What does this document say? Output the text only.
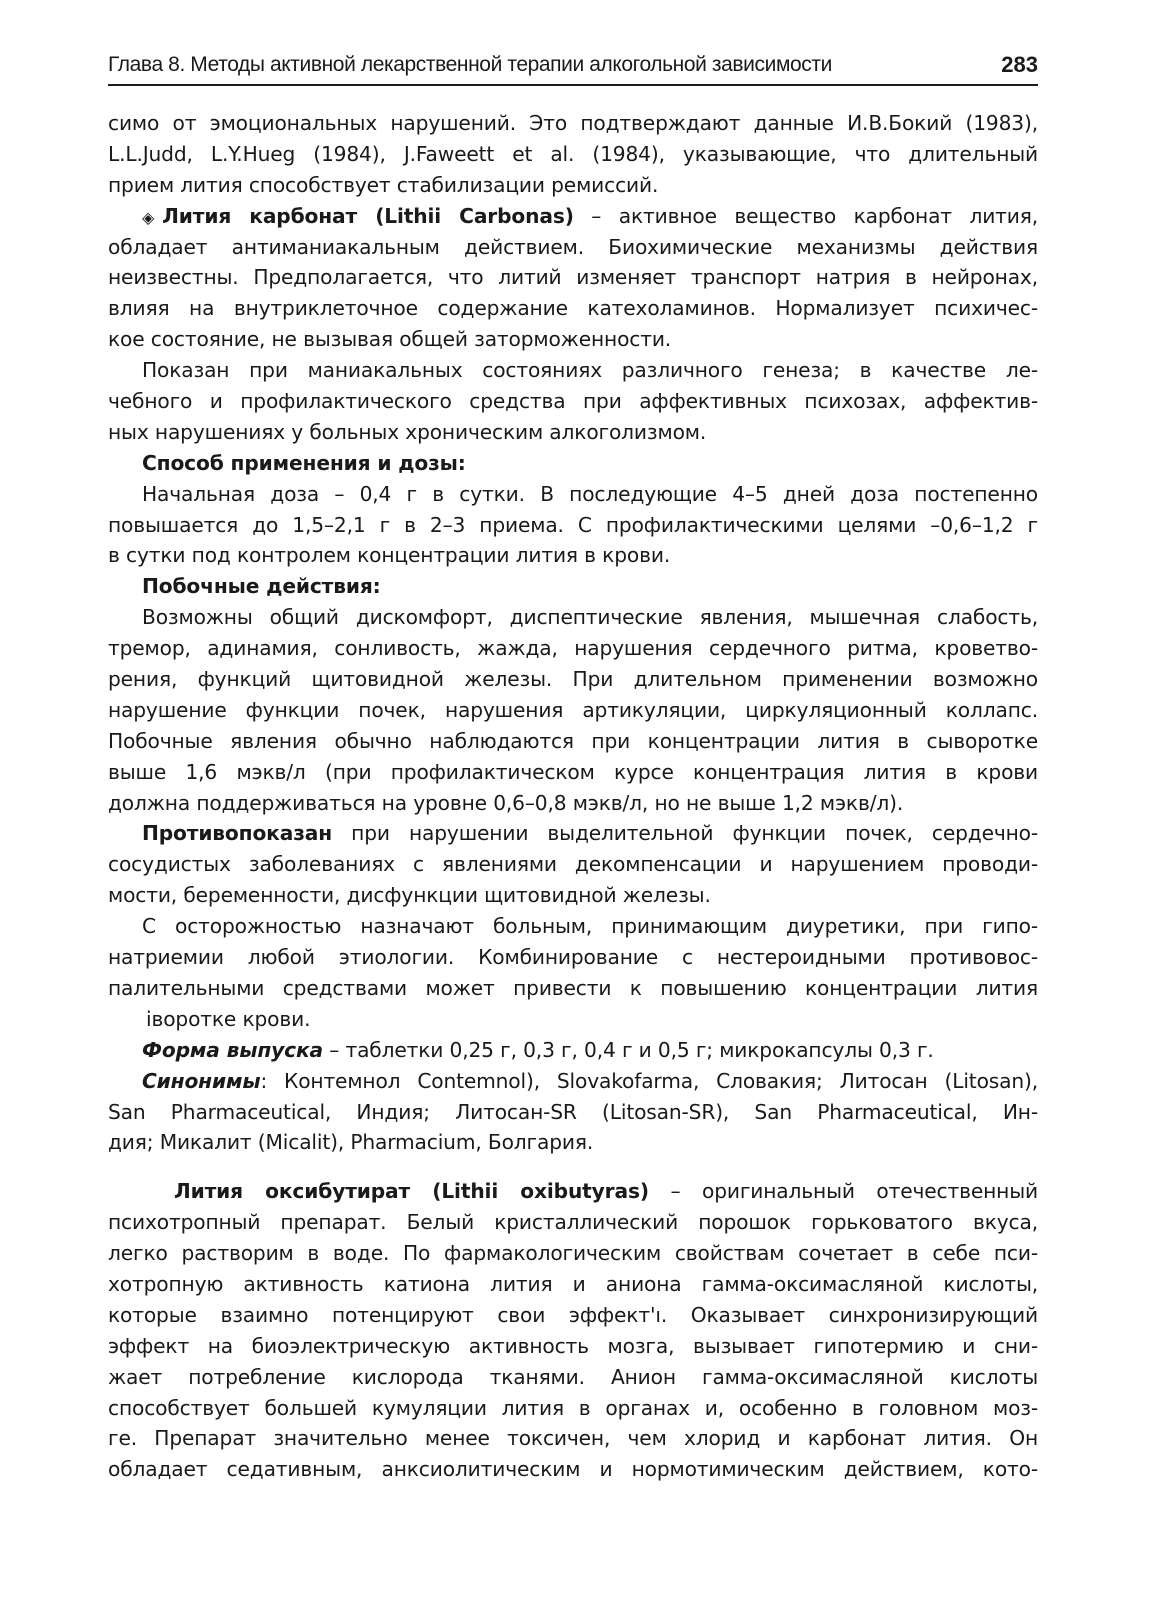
Глава 8. Методы активной лекарственной терапии алкогольной зависимости	283
симо от эмоциональных нарушений. Это подтверждают данные И.В.Бокий (1983),
L.L.Judd, L.Y.Hueg (1984), J.Faweett et al. (1984), указывающие, что длительный
прием лития способствует стабилизации ремиссий.
◈ Лития карбонат (Lithii Carbonas) – активное вещество карбонат лития,
обладает антиманиакальным действием. Биохимические механизмы действия
неизвестны. Предполагается, что литий изменяет транспорт натрия в нейронах,
влияя на внутриклеточное содержание катехоламинов. Нормализует психичес-
кое состояние, не вызывая общей заторможенности.
Показан при маниакальных состояниях различного генеза; в качестве ле-
чебного и профилактического средства при аффективных психозах, аффектив-
ных нарушениях у больных хроническим алкоголизмом.
Способ применения и дозы:
Начальная доза – 0,4 г в сутки. В последующие 4–5 дней доза постепенно
повышается до 1,5–2,1 г в 2–3 приема. С профилактическими целями –0,6–1,2 г
в сутки под контролем концентрации лития в крови.
Побочные действия:
Возможны общий дискомфорт, диспептические явления, мышечная слабость,
тремор, адинамия, сонливость, жажда, нарушения сердечного ритма, кроветво-
рения, функций щитовидной железы. При длительном применении возможно
нарушение функции почек, нарушения артикуляции, циркуляционный коллапс.
Побочные явления обычно наблюдаются при концентрации лития в сыворотке
выше 1,6 мэкв/л (при профилактическом курсе концентрация лития в крови
должна поддерживаться на уровне 0,6–0,8 мэкв/л, но не выше 1,2 мэкв/л).
Противопоказан при нарушении выделительной функции почек, сердечно-
сосудистых заболеваниях с явлениями декомпенсации и нарушением проводи-
мости, беременности, дисфункции щитовидной железы.
С осторожностью назначают больным, принимающим диуретики, при гипо-
натриемии любой этиологии. Комбинирование с нестероидными противовос-
палительными средствами может привести к повышению концентрации лития
іворотке крови.
Форма выпуска – таблетки 0,25 г, 0,3 г, 0,4 г и 0,5 г; микрокапсулы 0,3 г.
Синонимы: Контемнол Contemnol), Slovakofarma, Словакия; Литосан (Litosan),
San Pharmaceutical, Индия; Литосан-SR (Litosan-SR), San Pharmaceutical, Ин-
дия; Микалит (Micalit), Pharmacium, Болгария.
Лития оксибутират (Lithii oxibutyras) – оригинальный отечественный
психотропный препарат. Белый кристаллический порошок горьковатого вкуса,
легко растворим в воде. По фармакологическим свойствам сочетает в себе пси-
хотропную активность катиона лития и аниона гамма-оксимасляной кислоты,
которые взаимно потенцируют свои эффект'ı. Оказывает синхронизирующий
эффект на биоэлектрическую активность мозга, вызывает гипотермию и сни-
жает потребление кислорода тканями. Анион гамма-оксимасляной кислоты
способствует большей кумуляции лития в органах и, особенно в головном моз-
ге. Препарат значительно менее токсичен, чем хлорид и карбонат лития. Он
обладает седативным, анксиолитическим и нормотимическим действием, кото-
